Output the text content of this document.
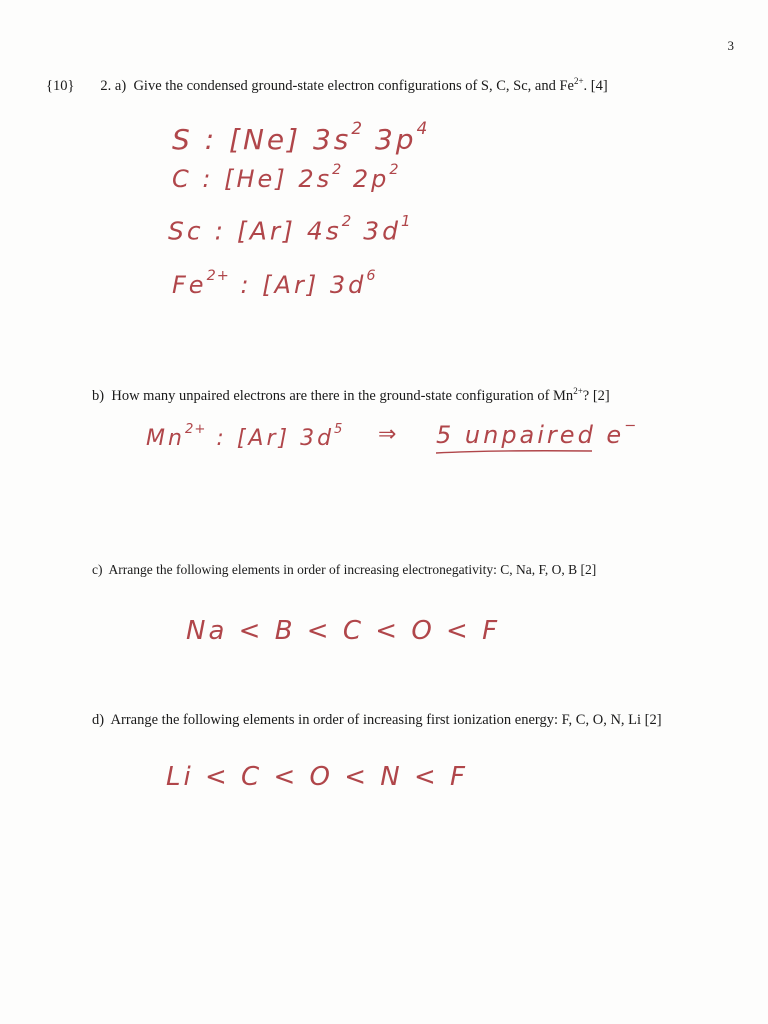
3
{10} 2. a) Give the condensed ground-state electron configurations of S, C, Sc, and $Fe^{2+}$. [4]
S : [Ne] $3s^2$ $3p^4$
C : [He] $2s^2$ $2p^2$
Sc : [Ar] $4s^2$ $3d^1$
$Fe^{2+}$ : [Ar] $3d^6$
b) How many unpaired electrons are there in the ground-state configuration of $Mn^{2+}$? [2]
$Mn^{2+}$ : [Ar] $3d^5$ ⇒ 5 unpaired e−
c) Arrange the following elements in order of increasing electronegativity: C, Na, F, O, B [2]
Na < B < C < O < F
d) Arrange the following elements in order of increasing first ionization energy: F, C, O, N, Li [2]
Li < C < O < N < F
